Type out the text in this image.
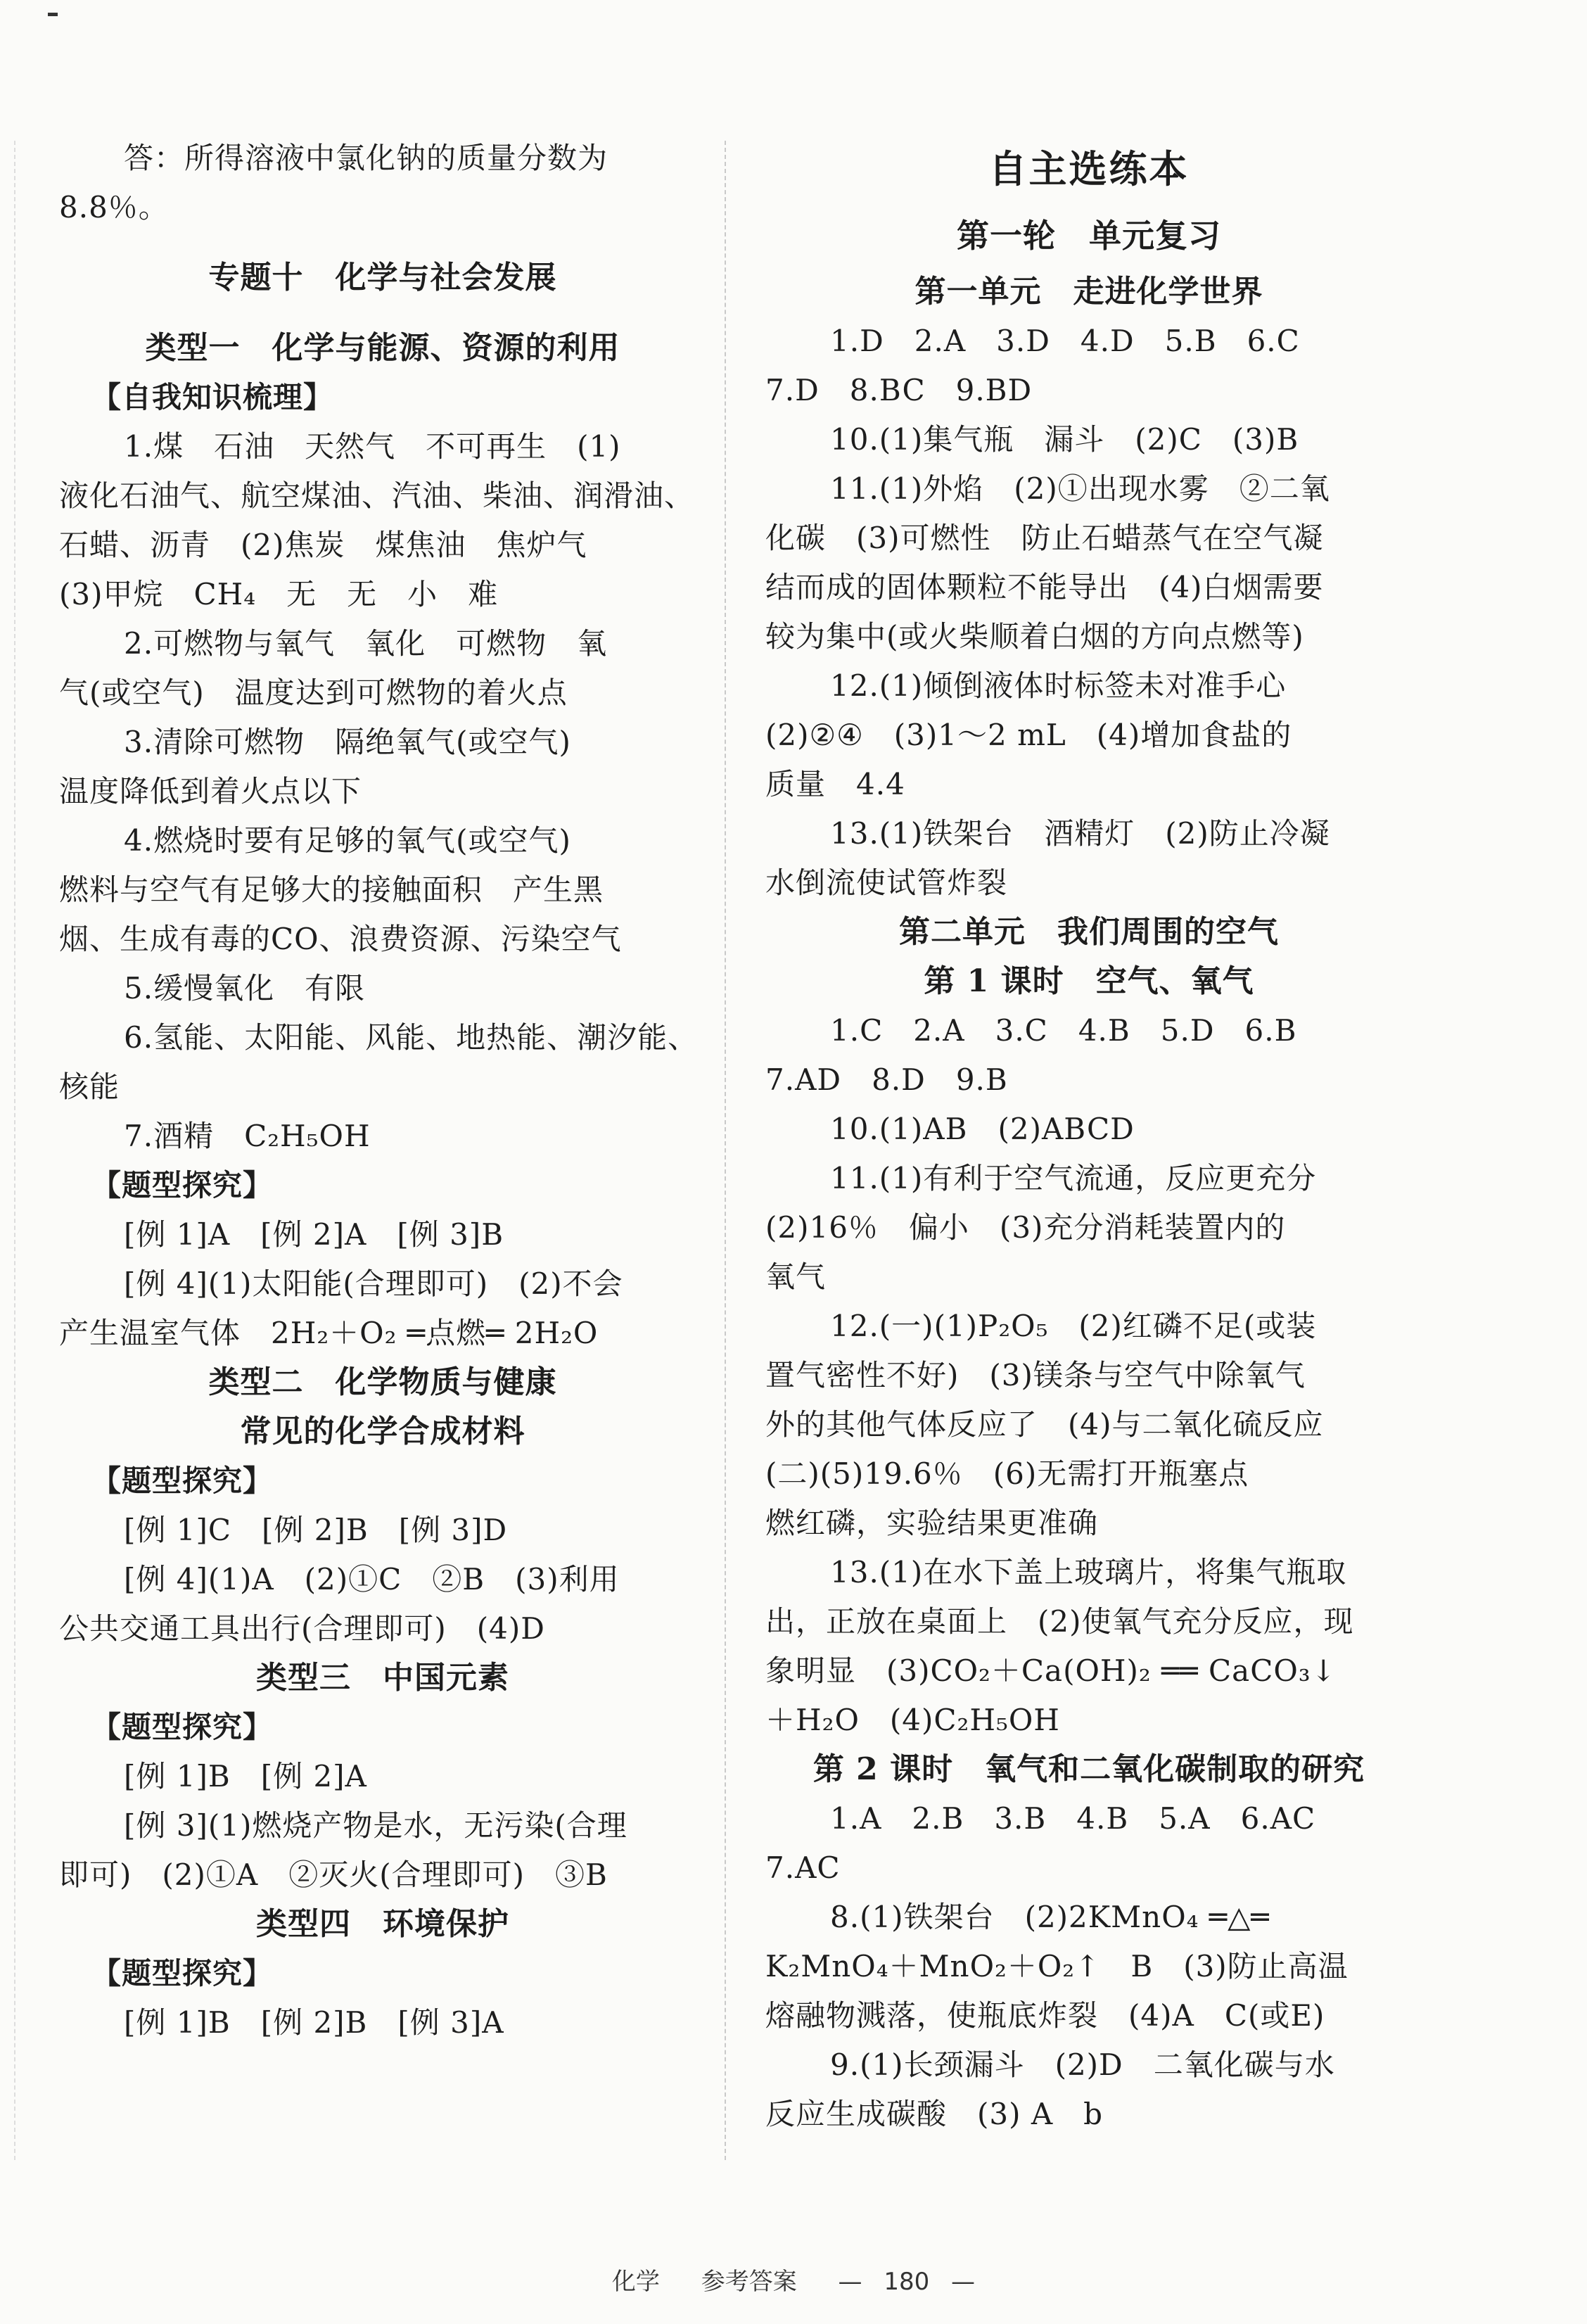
答：所得溶液中氯化钠的质量分数为
8.8％。
专题十　化学与社会发展
类型一　化学与能源、资源的利用
【自我知识梳理】
1.煤　石油　天然气　不可再生　(1)
液化石油气、航空煤油、汽油、柴油、润滑油、
石蜡、沥青　(2)焦炭　煤焦油　焦炉气
(3)甲烷　CH₄　无　无　小　难
2.可燃物与氧气　氧化　可燃物　氧
气(或空气)　温度达到可燃物的着火点
3.清除可燃物　隔绝氧气(或空气)
温度降低到着火点以下
4.燃烧时要有足够的氧气(或空气)
燃料与空气有足够大的接触面积　产生黑
烟、生成有毒的CO、浪费资源、污染空气
5.缓慢氧化　有限
6.氢能、太阳能、风能、地热能、潮汐能、
核能
7.酒精　C₂H₅OH
【题型探究】
[例 1]A　[例 2]A　[例 3]B
[例 4](1)太阳能(合理即可)　(2)不会
产生温室气体　2H₂＋O₂ ═点燃═ 2H₂O
类型二　化学物质与健康
常见的化学合成材料
【题型探究】
[例 1]C　[例 2]B　[例 3]D
[例 4](1)A　(2)①C　②B　(3)利用
公共交通工具出行(合理即可)　(4)D
类型三　中国元素
【题型探究】
[例 1]B　[例 2]A
[例 3](1)燃烧产物是水，无污染(合理
即可)　(2)①A　②灭火(合理即可)　③B
类型四　环境保护
【题型探究】
[例 1]B　[例 2]B　[例 3]A
自主选练本
第一轮　单元复习
第一单元　走进化学世界
1.D　2.A　3.D　4.D　5.B　6.C
7.D　8.BC　9.BD
10.(1)集气瓶　漏斗　(2)C　(3)B
11.(1)外焰　(2)①出现水雾　②二氧
化碳　(3)可燃性　防止石蜡蒸气在空气凝
结而成的固体颗粒不能导出　(4)白烟需要
较为集中(或火柴顺着白烟的方向点燃等)
12.(1)倾倒液体时标签未对准手心
(2)②④　(3)1～2 mL　(4)增加食盐的
质量　4.4
13.(1)铁架台　酒精灯　(2)防止冷凝
水倒流使试管炸裂
第二单元　我们周围的空气
第 1 课时　空气、氧气
1.C　2.A　3.C　4.B　5.D　6.B
7.AD　8.D　9.B
10.(1)AB　(2)ABCD
11.(1)有利于空气流通，反应更充分
(2)16％　偏小　(3)充分消耗装置内的
氧气
12.(一)(1)P₂O₅　(2)红磷不足(或装
置气密性不好)　(3)镁条与空气中除氧气
外的其他气体反应了　(4)与二氧化硫反应
(二)(5)19.6％　(6)无需打开瓶塞点
燃红磷，实验结果更准确
13.(1)在水下盖上玻璃片，将集气瓶取
出，正放在桌面上　(2)使氧气充分反应，现
象明显　(3)CO₂＋Ca(OH)₂ ══ CaCO₃↓
＋H₂O　(4)C₂H₅OH
第 2 课时　氧气和二氧化碳制取的研究
1.A　2.B　3.B　4.B　5.A　6.AC
7.AC
8.(1)铁架台　(2)2KMnO₄ ═△═
K₂MnO₄＋MnO₂＋O₂↑　B　(3)防止高温
熔融物溅落，使瓶底炸裂　(4)A　C(或E)
9.(1)长颈漏斗　(2)D　二氧化碳与水
反应生成碳酸　(3) A　b
化学 参考答案 — 180 —
